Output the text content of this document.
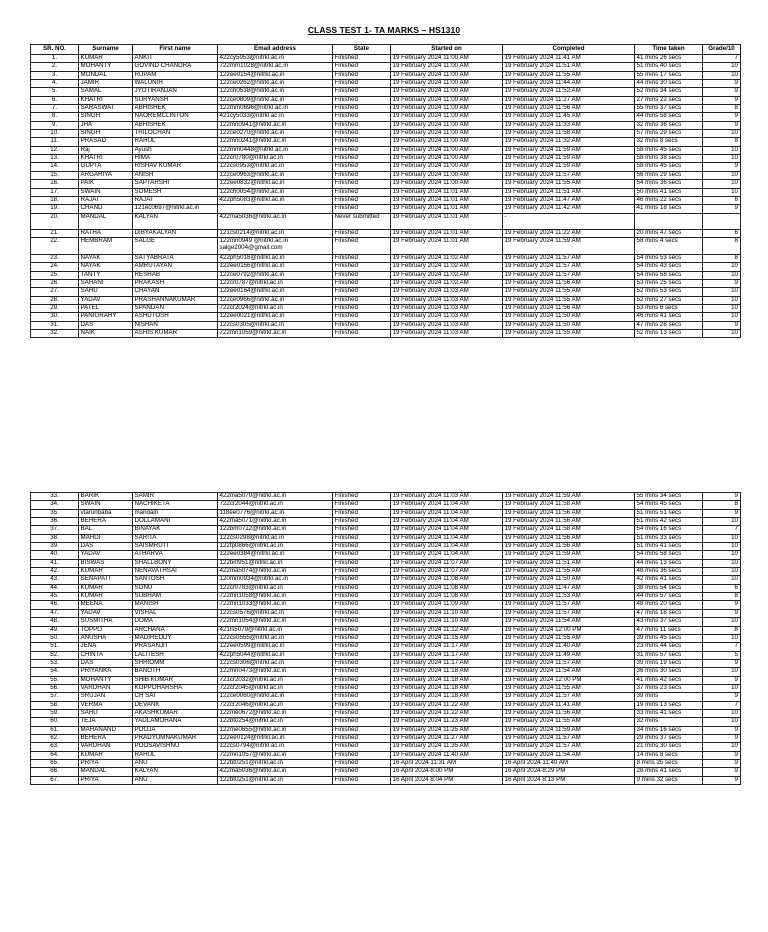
CLASS TEST 1- TA MARKS – HS1310
SR. NO.	Surname	First name	Email address	State	Started on	Completed	Time taken	Grade/10
1.	KUMAR	ANKIT	422cy5053@nitrkl.ac.in	Finished	19 February 2024 11:00 AM	19 February 2024 11:41 AM	41 mins 26 secs	7
2.	MOHANTY	GOVIND CHANDRA	722mm1028@nitrkl.ac.in	Finished	19 February 2024 11:00 AM	19 February 2024 11:51 AM	51 mins 40 secs	10
3.	MONDAL	RUPAM	122ee0154@nitrkl.ac.in	Finished	19 February 2024 11:00 AM	19 February 2024 11:55 AM	55 mins 17 secs	10
4.	JAMIR	WALUNIH	122ce0262@nitrkl.ac.in	Finished	19 February 2024 11:00 AM	19 February 2024 11:44 AM	44 mins 30 secs	9
5.	SAMAL	JYOTIRANJAN	122ch0538@nitrkl.ac.in	Finished	19 February 2024 11:00 AM	19 February 2024 11:52 AM	52 mins 34 secs	9
6.	KHATRI	SURYANSH	122ce0809@nitrkl.ac.in	Finished	19 February 2024 11:00 AM	19 February 2024 11:27 AM	27 mins 22 secs	9
7.	SARASWAT	ABHISHEK	122mm0696@nitrkl.ac.in	Finished	19 February 2024 11:00 AM	19 February 2024 11:56 AM	55 mins 37 secs	8
8.	SINGH	NAOREMCLINTON	421cy5033@nitrkl.ac.in	Finished	19 February 2024 11:00 AM	19 February 2024 11:45 AM	44 mins 58 secs	9
9.	JHA	ABHISHEK	122mn0941@nitrkl.ac.in	Finished	19 February 2024 11:00 AM	19 February 2024 11:33 AM	32 mins 36 secs	9
10.	SINGH	TRILOCHAN	122ce0270@nitrkl.ac.in	Finished	19 February 2024 11:00 AM	19 February 2024 11:58 AM	57 mins 29 secs	10
11.	PRASAD	RAHUL	122mn0241@nitrkl.ac.in	Finished	19 February 2024 11:00 AM	19 February 2024 11:32 AM	32 mins 8 secs	8
12.	Raj	Ayush	122mm0448@nitrkl.ac.in	Finished	19 February 2024 11:00 AM	19 February 2024 11:59 AM	58 mins 45 secs	10
13.	KHATRI	HIMA	122cr0780@nitrkl.ac.in	Finished	19 February 2024 11:00 AM	19 February 2024 11:59 AM	58 mins 38 secs	10
14.	GUPTA	RISHAV KUMAR	122cs0953@nitrkl.ac.in	Finished	19 February 2024 11:00 AM	19 February 2024 11:59 AM	58 mins 45 secs	9
15.	ARGARIYA	ANISH	122ce0963@nitrkl.ac.in	Finished	19 February 2024 11:00 AM	19 February 2024 11:57 AM	56 mins 29 secs	10
16.	PAIK	SAPTARSHI	122ee0832@nitrkl.ac.in	Finished	19 February 2024 11:00 AM	19 February 2024 11:55 AM	54 mins 36 secs	10
17.	SWAIN	SOMESH	122ch0054@nitrkl.ac.in	Finished	19 February 2024 11:01 AM	19 February 2024 11:51 AM	50 mins 41 secs	10
18.	RAJAT	RAJAT	422ph5083@nitrkl.ac.in	Finished	19 February 2024 11:01 AM	19 February 2024 11:47 AM	46 mins 22 secs	6
19.	CHAND	121ec0697@nitrkl.ac.in		Finished	19 February 2024 11:01 AM	19 February 2024 11:42 AM	41 mins 18 secs	9
20.	MANDAL	KALYAN	422ma5036@nitrkl.ac.in	Never submitted	19 February 2024 11:01 AM	-		
21.	RATHA	DIBYAKALYAN	121cs0214@nitrkl.ac.in	Finished	19 February 2024 11:01 AM	19 February 2024 11:22 AM	20 mins 47 secs	6
22.	HEMBRAM	SALGE	122mn0949 @nitrkl.ac.in salge2004@gmail.com	Finished	19 February 2024 11:01 AM	19 February 2024 11:59 AM	58 mins 4 secs	8
23.	NAYAK	SATYABRATA	422ph5018@nitrkl.ac.in	Finished	19 February 2024 11:02 AM	19 February 2024 11:57 AM	54 mins 53 secs	8
24.	NAYAK	AMRUTAYAN	122ee0156@nitrkl.ac.in	Finished	19 February 2024 11:02 AM	19 February 2024 11:57 AM	54 mins 43 secs	10
25.	TANTY	RESHAB	122ce0792@nitrkl.ac.in	Finished	19 February 2024 11:02 AM	19 February 2024 11:57 AM	54 mins 58 secs	10
26.	SAHANI	PRAKASH	122cr0787@nitrkl.ac.in	Finished	19 February 2024 11:02 AM	19 February 2024 11:56 AM	53 mins 25 secs	9
27.	SAHU	CHAYAN	122ee0164@nitrkl.ac.in	Finished	19 February 2024 11:03 AM	19 February 2024 11:55 AM	52 mins 53 secs	10
28.	YADAV	PRASHANNAKUMAR	122ce0966@nitrkl.ac.in	Finished	19 February 2024 11:03 AM	19 February 2024 11:55 AM	52 mins 27 secs	10
29.	PATEL	SPANDAN	722cr2024@nitrkl.ac.in	Finished	19 February 2024 11:03 AM	19 February 2024 11:56 AM	53 mins 6 secs	10
30.	PANIGRAHY	ASHUTOSH	122ee0021@nitrkl.ac.in	Finished	19 February 2024 11:03 AM	19 February 2024 11:50 AM	46 mins 41 secs	10
31.	DAS	NISHAN	122cs0305@nitrkl.ac.in	Finished	19 February 2024 11:03 AM	19 February 2024 11:50 AM	47 mins 28 secs	9
32.	NAIK	ASHIS KUMAR	722mn1059@nitrkl.ac.in	Finished	19 February 2024 11:03 AM	19 February 2024 11:55 AM	52 mins 13 secs	10
33.	BARIK	SAMIR	422ma5070@nitrkl.ac.in	Finished	19 February 2024 11:03 AM	19 February 2024 11:59 AM	55 mins 34 secs	9
34.	SWAIN	NACHIKETA	722cr2044@nitrkl.ac.in	Finished	19 February 2024 11:04 AM	19 February 2024 11:58 AM	54 mins 45 secs	8
35.	vtarunbaba	mandaln	118ee0776@nitrkl.ac.in	Finished	19 February 2024 11:04 AM	19 February 2024 11:56 AM	51 mins 51 secs	9
36.	BEHERA	DOLLAMANI	422ma5071@nitrkl.ac.in	Finished	19 February 2024 11:04 AM	19 February 2024 11:56 AM	51 mins 42 secs	10
37.	BAL	BINAYAK	122bm0712@nitrkl.ac.in	Finished	19 February 2024 11:04 AM	19 February 2024 11:58 AM	54 mins 16 secs	7
38.	MAHDI	SARITA	122cs0298@nitrkl.ac.in	Finished	19 February 2024 11:04 AM	19 February 2024 11:56 AM	51 mins 33 secs	10
39.	DAS	SAISMRUTI	122fp0866@nitrkl.ac.in	Finished	19 February 2024 11:04 AM	19 February 2024 11:56 AM	51 mins 41 secs	10
40.	YADAV	ATHARVA	122ee0384@nitrkl.ac.in	Finished	19 February 2024 11:04 AM	19 February 2024 11:59 AM	54 mins 58 secs	10
41.	BISWAS	SHALLBONY	122bi0951@nitrkl.ac.in	Finished	19 February 2024 11:07 AM	19 February 2024 11:51 AM	44 mins 13 secs	10
42.	KUMAR	NENAVATHSAI	422ma5074@nitrkl.ac.in	Finished	19 February 2024 11:07 AM	19 February 2024 11:55 AM	48 mins 36 secs	10
43.	SENAPATI	SANTOSH	120mm0934@nitrkl.ac.in	Finished	19 February 2024 11:08 AM	19 February 2024 11:50 AM	42 mins 41 secs	10
44.	KUMAR	SONU	122cr0783@nitrkl.ac.in	Finished	19 February 2024 11:08 AM	19 February 2024 11:47 AM	38 mins 54 secs	6
45.	KUMAR	SUBHAM	722mn1058@nitrkl.ac.in	Finished	19 February 2024 11:08 AM	19 February 2024 11:53 AM	44 mins 57 secs	8
46.	MEENA	MANISH	722mn1033@nitrkl.ac.in	Finished	19 February 2024 11:09 AM	19 February 2024 11:57 AM	48 mins 20 secs	9
47.	YADAV	VISHAL	122cs0576@nitrkl.ac.in	Finished	19 February 2024 11:10 AM	19 February 2024 11:57 AM	47 mins 18 secs	9
48.	SUSMITHA	DOMA	722mn1054@nitrkl.ac.in	Finished	19 February 2024 11:10 AM	19 February 2024 11:54 AM	43 mins 37 secs	10
49.	TOPPO	ARCHANA	421ls5079@nitrkl.ac.in	Finished	19 February 2024 11:12 AM	19 February 2024 12:00 PM	47 mins 11 secs	8
50.	ANUSHA	MADIREDDY	122cs0555@nitrkl.ac.in	Finished	19 February 2024 11:15 AM	19 February 2024 11:55 AM	39 mins 45 secs	10
51.	JENA	PRASANJIT	122ee0599@nitrkl.ac.in	Finished	19 February 2024 11:17 AM	19 February 2024 11:40 AM	23 mins 44 secs	7
52.	CHINTA	LALITESH	422ph5044@nitrkl.ac.in	Finished	19 February 2024 11:17 AM	19 February 2024 11:49 AM	31 mins 57 secs	5
53.	DAS	SHRIOMM	122cs0306@nitrkl.ac.in	Finished	19 February 2024 11:17 AM	19 February 2024 11:57 AM	39 mins 19 secs	9
54.	PRIYANKA	BANOTH	122mn0473@nitrkl.ac.in	Finished	19 February 2024 11:18 AM	19 February 2024 11:54 AM	36 mins 30 secs	10
55.	MOHANTY	SHIB KUMAR	721cr2032@nitrkl.ac.in	Finished	19 February 2024 11:18 AM	19 February 2024 12:00 PM	41 mins 42 secs	9
56.	VARDHAN	KOPPOHARSHA	722cr2045@nitrkl.ac.in	Finished	19 February 2024 11:18 AM	19 February 2024 11:55 AM	37 mins 23 secs	10
57.	SRUJAN	CH SAI	122ce0060@nitrkl.ac.in	Finished	19 February 2024 11:18 AM	19 February 2024 11:57 AM	39 mins	9
58.	VERMA	DEVANK	722cr2046@nitrkl.ac.in	Finished	19 February 2024 11:22 AM	19 February 2024 11:41 AM	19 mins 13 secs	7
59.	SAHU	AKASHKUMAR	122me0672@nitrkl.ac.in	Finished	19 February 2024 11:22 AM	19 February 2024 11:56 AM	33 mins 41 secs	10
60.	TEJA	YADLAMOHANA	122bt0254@nitrkl.ac.in	Finished	19 February 2024 11:23 AM	19 February 2024 11:55 AM	32 mins	10
61.	MAHANAND	POOJA	122me0655@nitrkl.ac.in	Finished	19 February 2024 11:25 AM	19 February 2024 11:59 AM	34 mins 16 secs	9
62.	BEHERA	PRADYUMNAKUMAR	122ee0124@nitrkl.ac.in	Finished	19 February 2024 11:27 AM	19 February 2024 11:57 AM	29 mins 37 secs	9
63.	VARDHAN	POOSAVISHNU	122cs0794@nitrkl.ac.in	Finished	19 February 2024 11:35 AM	19 February 2024 11:57 AM	21 mins 30 secs	10
64.	KUMAR	RAHUL	722mn1057@nitrkl.ac.in	Finished	19 February 2024 11:40 AM	19 February 2024 11:54 AM	14 mins 8 secs	9
65.	PRIYA	ANU	122bt0251@nitrkl.ac.in	Finished	16 April 2024 11:31 AM	16 April 2024 11:40 AM	8 mins 25 secs	9
66.	MANDAL	KALYAN	422ma5036@nitrkl.ac.in	Finished	16 April 2024 8:00 PM	16 April 2024 8:29 PM	28 mins 41 secs	9
67.	PRIYA	ANU	122bt0251@nitrkl.ac.in	Finished	16 April 2024 8:04 PM	16 April 2024 8:13 PM	9 mins 32 secs	9
